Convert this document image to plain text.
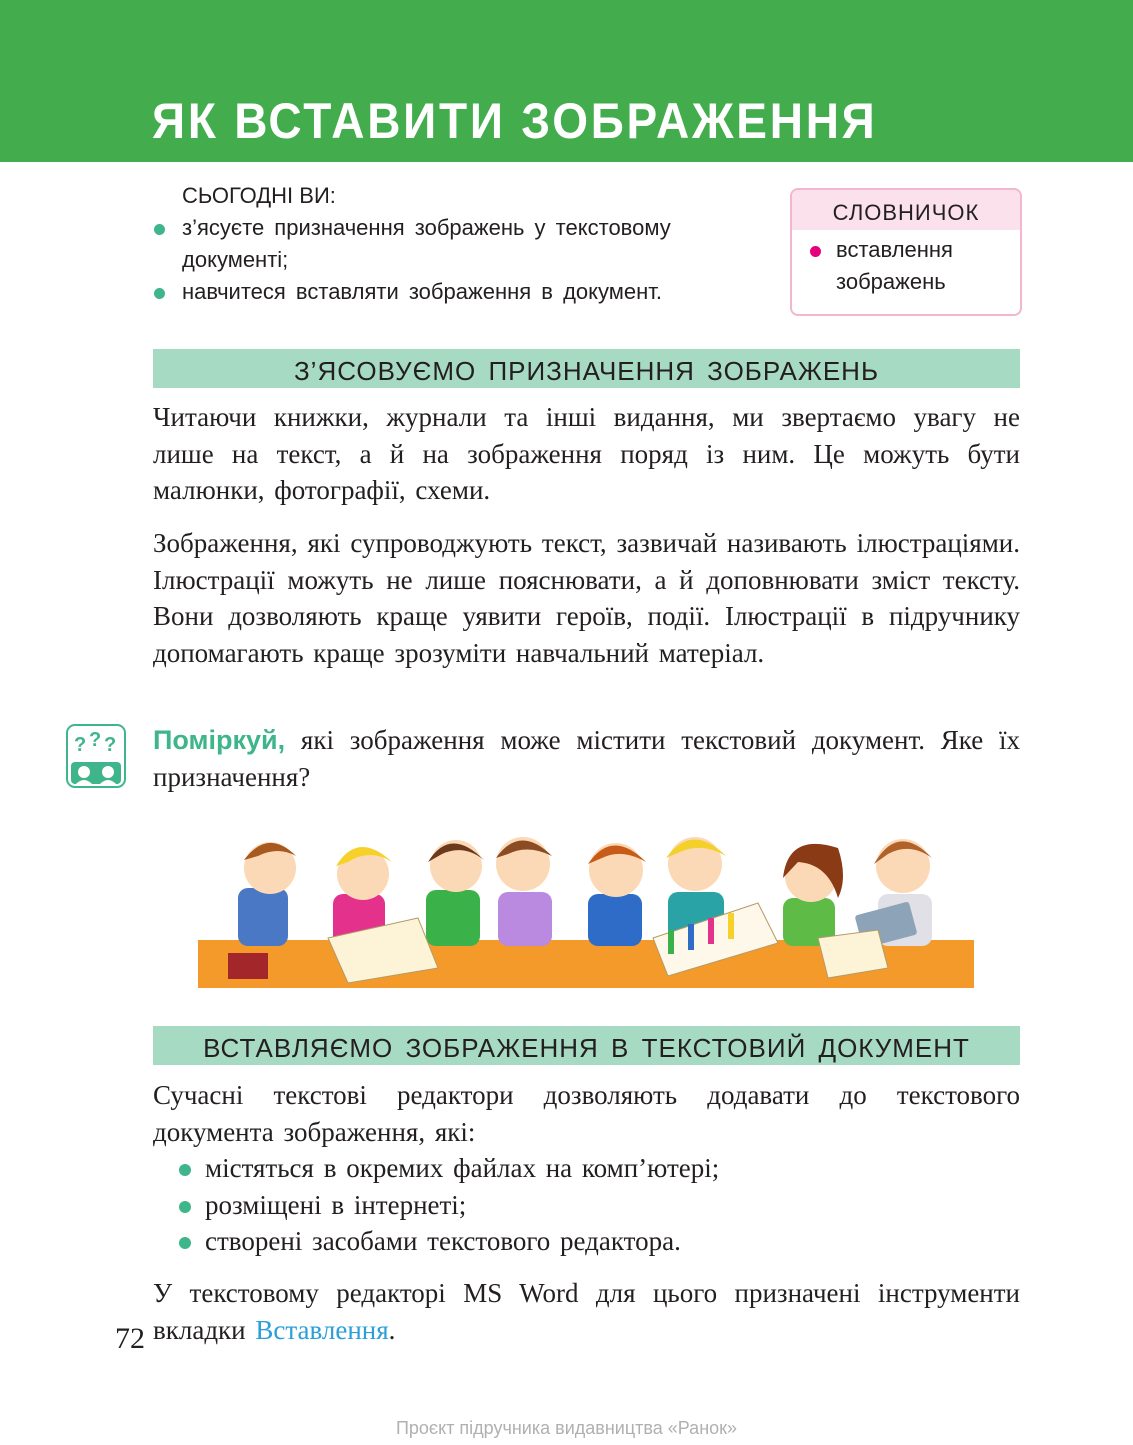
ЯК ВСТАВИТИ ЗОБРАЖЕННЯ
СЬОГОДНІ ВИ:
з’ясуєте призначення зображень у текстовому документі;
навчитеся вставляти зображення в документ.
СЛОВНИЧОК
вставлення зображень
З’ЯСОВУЄМО ПРИЗНАЧЕННЯ ЗОБРАЖЕНЬ

Читаючи книжки, журнали та інші видання, ми звертаємо увагу не лише на текст, а й на зображення поряд із ним. Це можуть бути малюнки, фотографії, схеми.

Зображення, які супроводжують текст, зазвичай називають ілюстраціями. Ілюстрації можуть не лише пояснювати, а й доповнювати зміст тексту. Вони дозволяють краще уявити героїв, події. Ілюстрації в підручнику допомагають краще зрозуміти навчальний матеріал.

? ? ? Поміркуй, які зображення може містити текстовий документ. Яке їх призначення?

ВСТАВЛЯЄМО ЗОБРАЖЕННЯ В ТЕКСТОВИЙ ДОКУМЕНТ

Сучасні текстові редактори дозволяють додавати до текстового документа зображення, які:

містяться в окремих файлах на комп’ютері;
розміщені в інтернеті;
створені засобами текстового редактора.

У текстовому редакторі MS Word для цього призначені інструменти вкладки Вставлення.

72
Проєкт підручника видавництва «Ранок»
